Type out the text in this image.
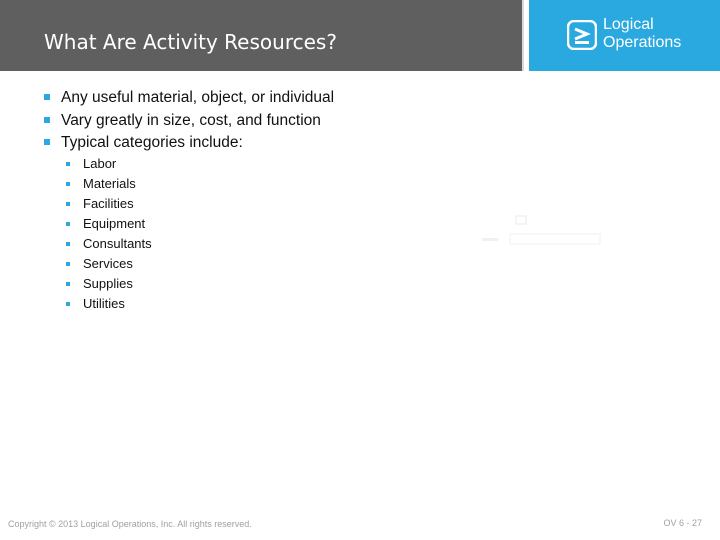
What Are Activity Resources?
Logical
Operations
Any useful material, object, or individual
Vary greatly in size, cost, and function
Typical categories include:
Labor
Materials
Facilities
Equipment
Consultants
Services
Supplies
Utilities
Copyright © 2013 Logical Operations, Inc. All rights reserved.	OV 6 - 27
